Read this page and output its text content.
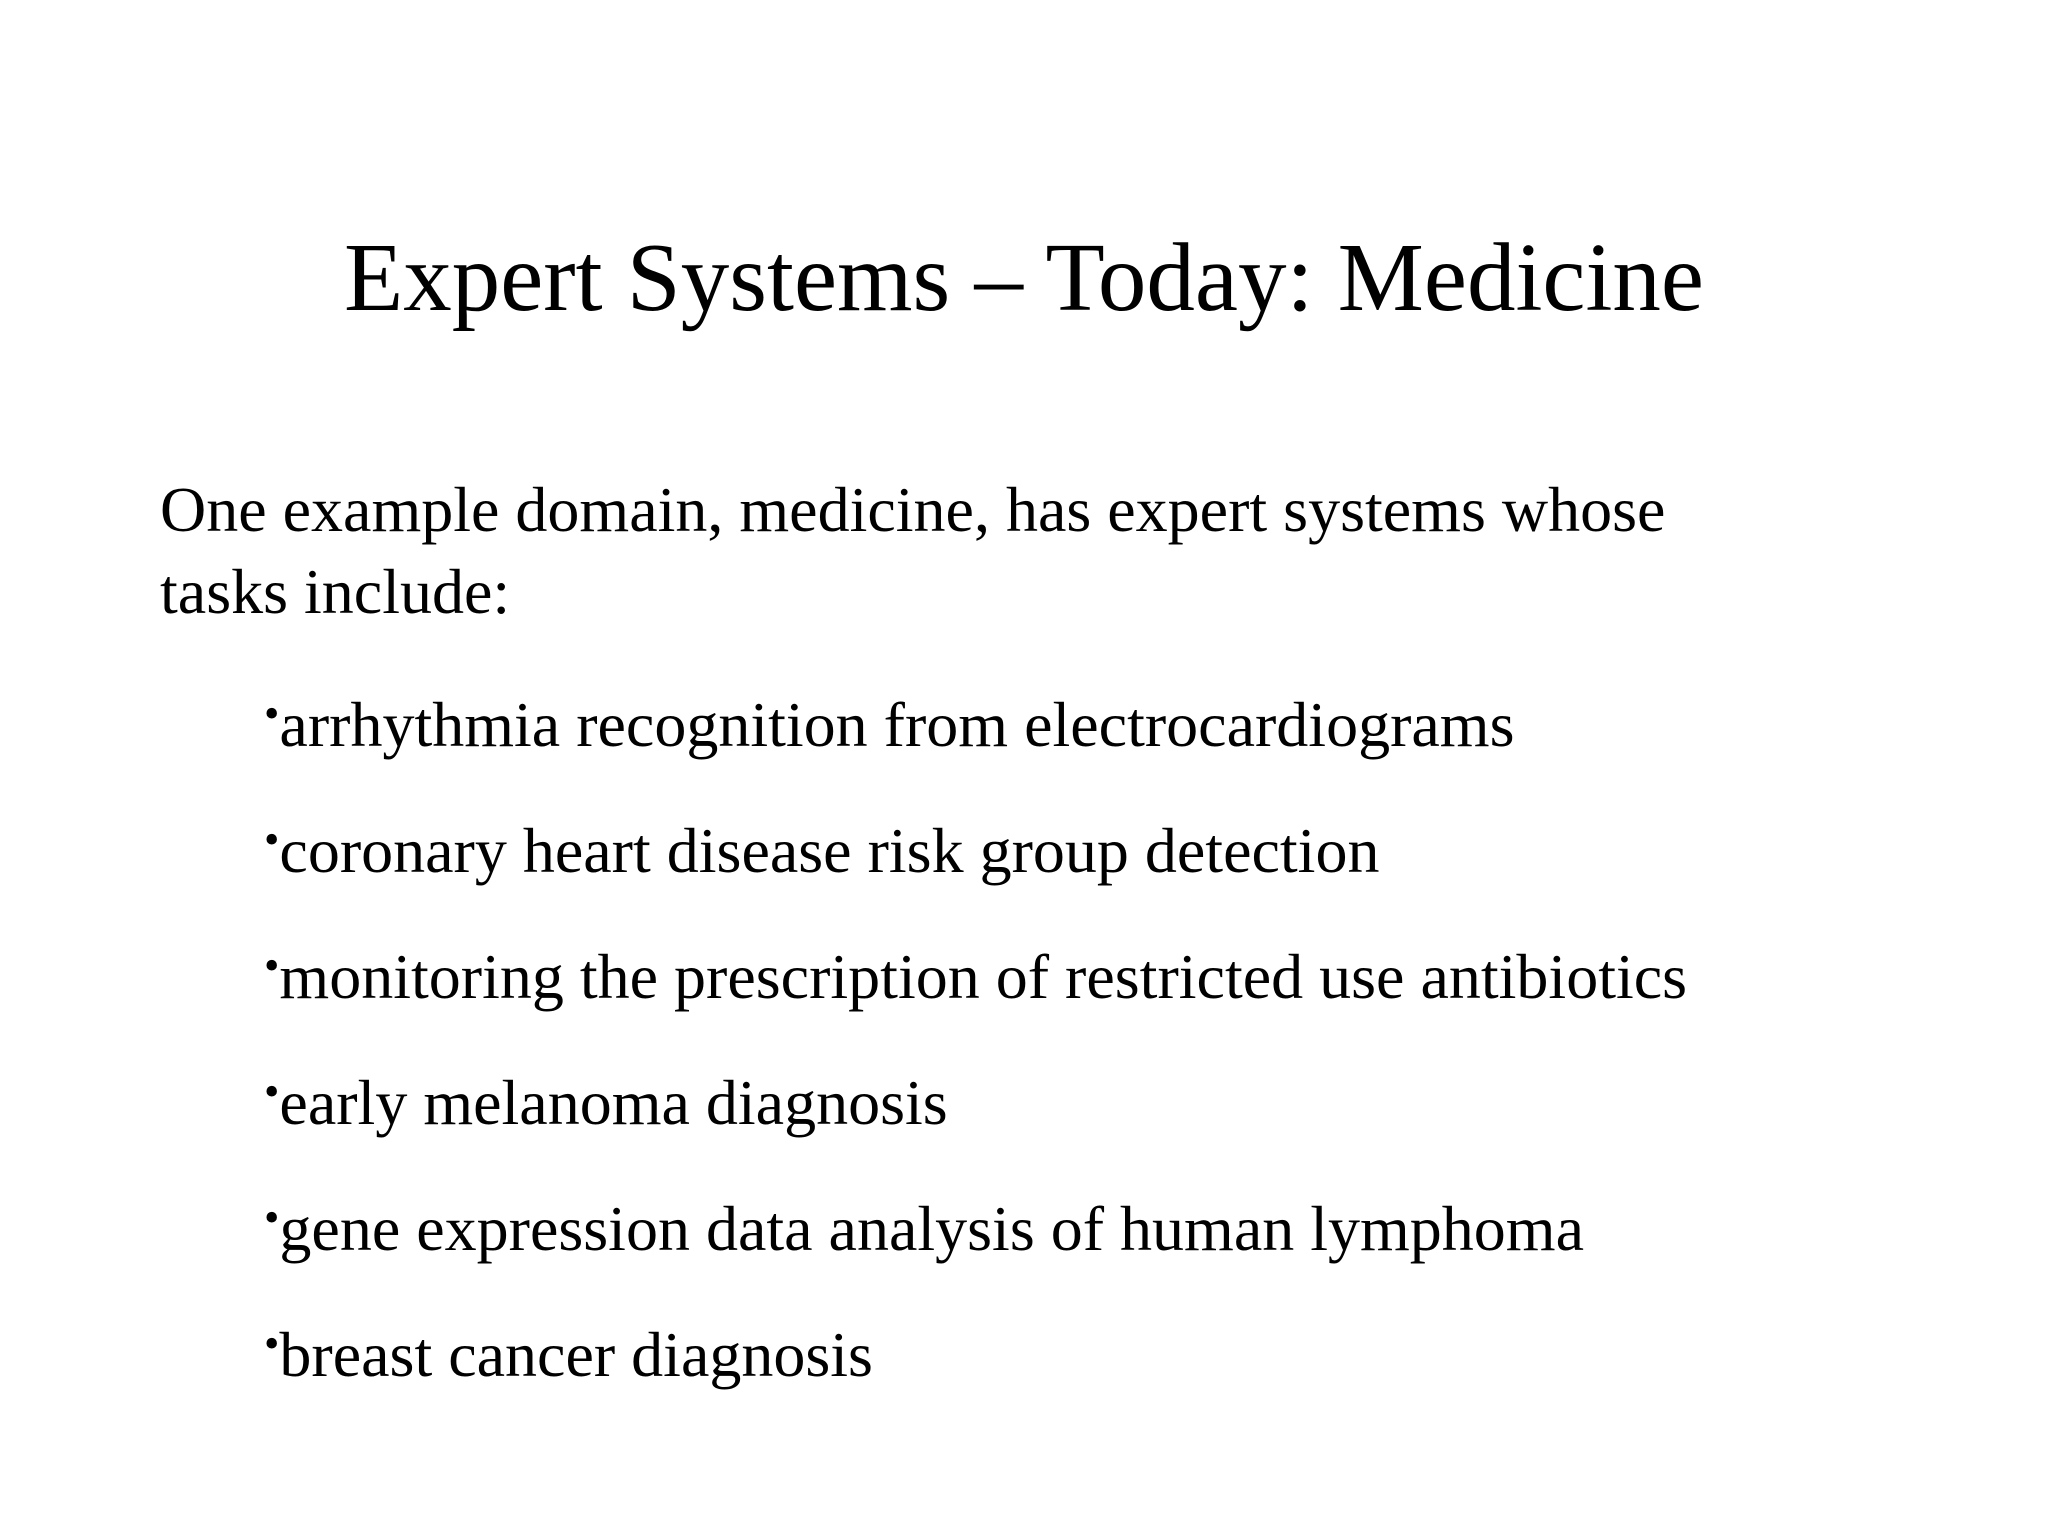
Expert Systems – Today: Medicine
One example domain, medicine, has expert systems whose
tasks include:
•arrhythmia recognition from electrocardiograms
•coronary heart disease risk group detection
•monitoring the prescription of restricted use antibiotics
•early melanoma diagnosis
•gene expression data analysis of human lymphoma
•breast cancer diagnosis
